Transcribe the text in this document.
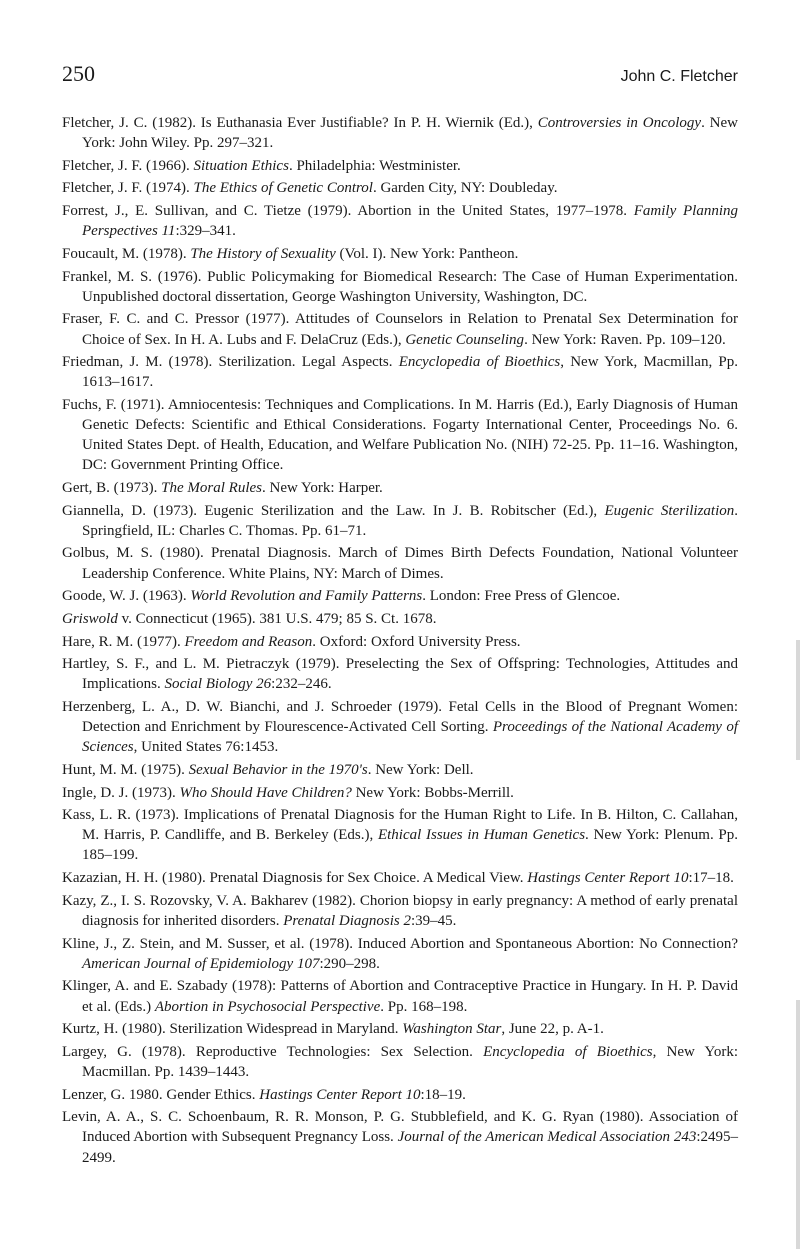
250	John C. Fletcher
Fletcher, J. C. (1982). Is Euthanasia Ever Justifiable? In P. H. Wiernik (Ed.), Controversies in Oncology. New York: John Wiley. Pp. 297–321.
Fletcher, J. F. (1966). Situation Ethics. Philadelphia: Westminister.
Fletcher, J. F. (1974). The Ethics of Genetic Control. Garden City, NY: Doubleday.
Forrest, J., E. Sullivan, and C. Tietze (1979). Abortion in the United States, 1977–1978. Family Planning Perspectives 11:329–341.
Foucault, M. (1978). The History of Sexuality (Vol. I). New York: Pantheon.
Frankel, M. S. (1976). Public Policymaking for Biomedical Research: The Case of Human Experimentation. Unpublished doctoral dissertation, George Washington University, Washington, DC.
Fraser, F. C. and C. Pressor (1977). Attitudes of Counselors in Relation to Prenatal Sex Determination for Choice of Sex. In H. A. Lubs and F. DelaCruz (Eds.), Genetic Counseling. New York: Raven. Pp. 109–120.
Friedman, J. M. (1978). Sterilization. Legal Aspects. Encyclopedia of Bioethics, New York, Macmillan, Pp. 1613–1617.
Fuchs, F. (1971). Amniocentesis: Techniques and Complications. In M. Harris (Ed.), Early Diagnosis of Human Genetic Defects: Scientific and Ethical Considerations. Fogarty International Center, Proceedings No. 6. United States Dept. of Health, Education, and Welfare Publication No. (NIH) 72-25. Pp. 11–16. Washington, DC: Government Printing Office.
Gert, B. (1973). The Moral Rules. New York: Harper.
Giannella, D. (1973). Eugenic Sterilization and the Law. In J. B. Robitscher (Ed.), Eugenic Sterilization. Springfield, IL: Charles C. Thomas. Pp. 61–71.
Golbus, M. S. (1980). Prenatal Diagnosis. March of Dimes Birth Defects Foundation, National Volunteer Leadership Conference. White Plains, NY: March of Dimes.
Goode, W. J. (1963). World Revolution and Family Patterns. London: Free Press of Glencoe.
Griswold v. Connecticut (1965). 381 U.S. 479; 85 S. Ct. 1678.
Hare, R. M. (1977). Freedom and Reason. Oxford: Oxford University Press.
Hartley, S. F., and L. M. Pietraczyk (1979). Preselecting the Sex of Offspring: Technologies, Attitudes and Implications. Social Biology 26:232–246.
Herzenberg, L. A., D. W. Bianchi, and J. Schroeder (1979). Fetal Cells in the Blood of Pregnant Women: Detection and Enrichment by Flourescence-Activated Cell Sorting. Proceedings of the National Academy of Sciences, United States 76:1453.
Hunt, M. M. (1975). Sexual Behavior in the 1970's. New York: Dell.
Ingle, D. J. (1973). Who Should Have Children? New York: Bobbs-Merrill.
Kass, L. R. (1973). Implications of Prenatal Diagnosis for the Human Right to Life. In B. Hilton, C. Callahan, M. Harris, P. Candliffe, and B. Berkeley (Eds.), Ethical Issues in Human Genetics. New York: Plenum. Pp. 185–199.
Kazazian, H. H. (1980). Prenatal Diagnosis for Sex Choice. A Medical View. Hastings Center Report 10:17–18.
Kazy, Z., I. S. Rozovsky, V. A. Bakharev (1982). Chorion biopsy in early pregnancy: A method of early prenatal diagnosis for inherited disorders. Prenatal Diagnosis 2:39–45.
Kline, J., Z. Stein, and M. Susser, et al. (1978). Induced Abortion and Spontaneous Abortion: No Connection? American Journal of Epidemiology 107:290–298.
Klinger, A. and E. Szabady (1978): Patterns of Abortion and Contraceptive Practice in Hungary. In H. P. David et al. (Eds.) Abortion in Psychosocial Perspective. Pp. 168–198.
Kurtz, H. (1980). Sterilization Widespread in Maryland. Washington Star, June 22, p. A-1.
Largey, G. (1978). Reproductive Technologies: Sex Selection. Encyclopedia of Bioethics, New York: Macmillan. Pp. 1439–1443.
Lenzer, G. 1980. Gender Ethics. Hastings Center Report 10:18–19.
Levin, A. A., S. C. Schoenbaum, R. R. Monson, P. G. Stubblefield, and K. G. Ryan (1980). Association of Induced Abortion with Subsequent Pregnancy Loss. Journal of the American Medical Association 243:2495–2499.
